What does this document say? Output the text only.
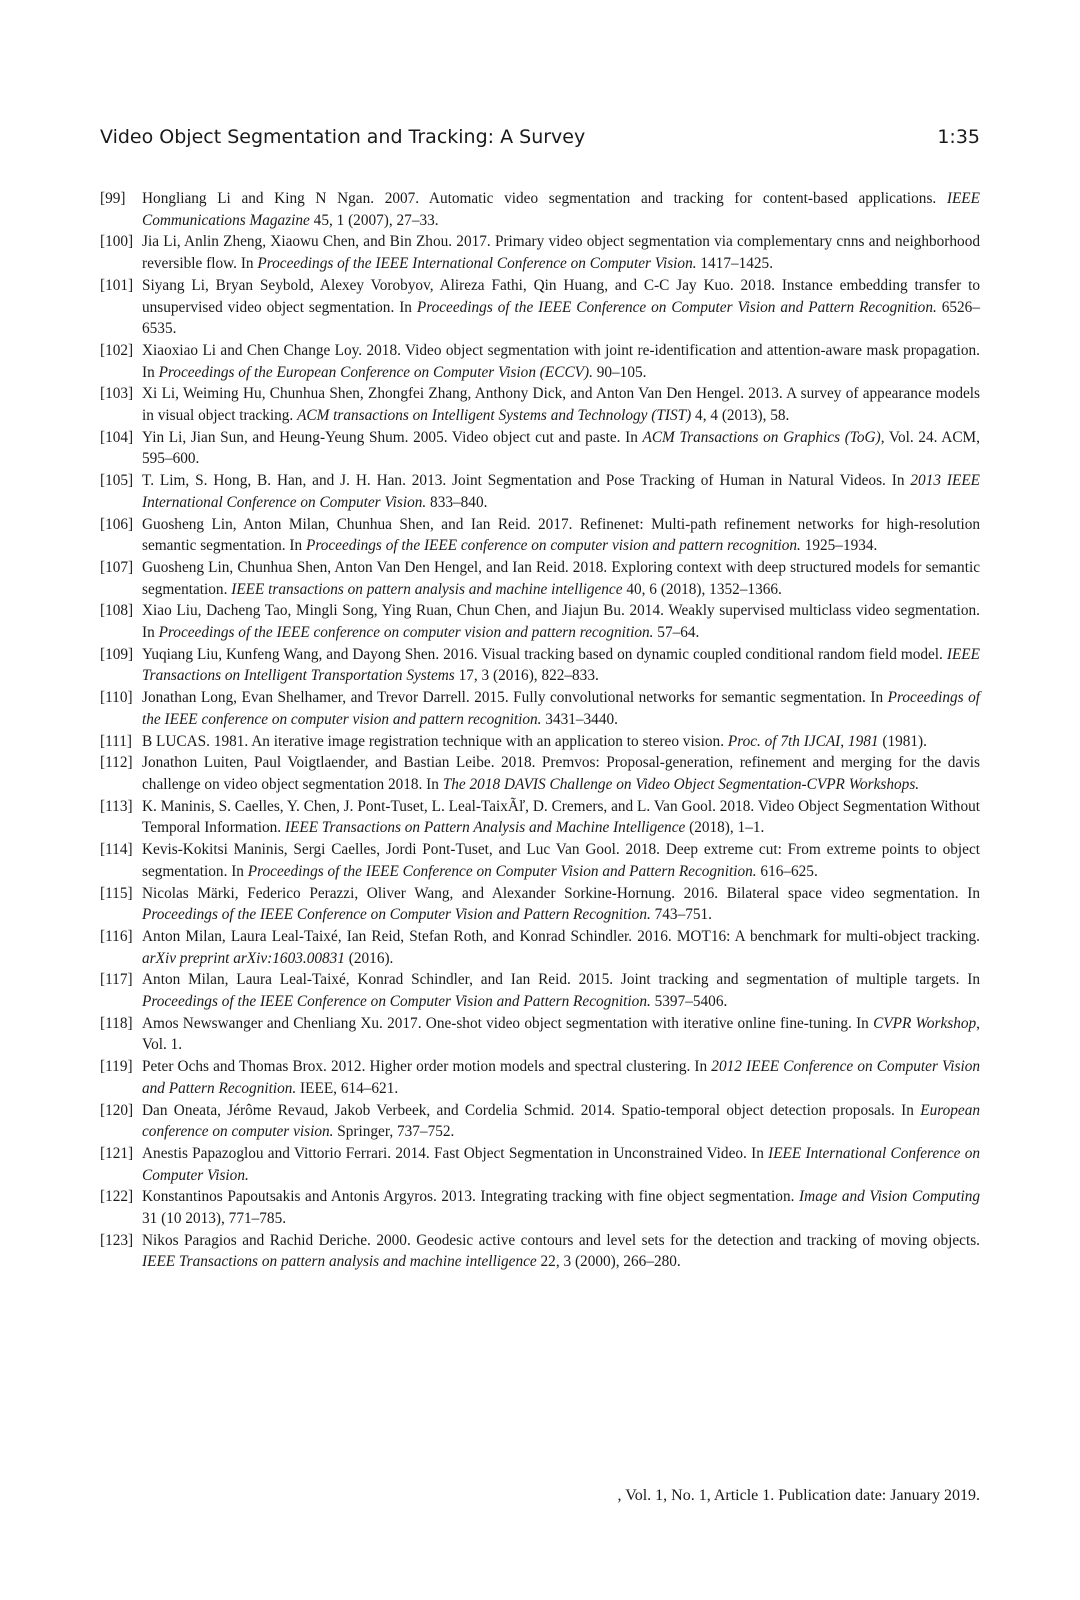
Video Object Segmentation and Tracking: A Survey	1:35
[99] Hongliang Li and King N Ngan. 2007. Automatic video segmentation and tracking for content-based applications. IEEE Communications Magazine 45, 1 (2007), 27–33.
[100] Jia Li, Anlin Zheng, Xiaowu Chen, and Bin Zhou. 2017. Primary video object segmentation via complementary cnns and neighborhood reversible flow. In Proceedings of the IEEE International Conference on Computer Vision. 1417–1425.
[101] Siyang Li, Bryan Seybold, Alexey Vorobyov, Alireza Fathi, Qin Huang, and C-C Jay Kuo. 2018. Instance embedding transfer to unsupervised video object segmentation. In Proceedings of the IEEE Conference on Computer Vision and Pattern Recognition. 6526–6535.
[102] Xiaoxiao Li and Chen Change Loy. 2018. Video object segmentation with joint re-identification and attention-aware mask propagation. In Proceedings of the European Conference on Computer Vision (ECCV). 90–105.
[103] Xi Li, Weiming Hu, Chunhua Shen, Zhongfei Zhang, Anthony Dick, and Anton Van Den Hengel. 2013. A survey of appearance models in visual object tracking. ACM transactions on Intelligent Systems and Technology (TIST) 4, 4 (2013), 58.
[104] Yin Li, Jian Sun, and Heung-Yeung Shum. 2005. Video object cut and paste. In ACM Transactions on Graphics (ToG), Vol. 24. ACM, 595–600.
[105] T. Lim, S. Hong, B. Han, and J. H. Han. 2013. Joint Segmentation and Pose Tracking of Human in Natural Videos. In 2013 IEEE International Conference on Computer Vision. 833–840.
[106] Guosheng Lin, Anton Milan, Chunhua Shen, and Ian Reid. 2017. Refinenet: Multi-path refinement networks for high-resolution semantic segmentation. In Proceedings of the IEEE conference on computer vision and pattern recognition. 1925–1934.
[107] Guosheng Lin, Chunhua Shen, Anton Van Den Hengel, and Ian Reid. 2018. Exploring context with deep structured models for semantic segmentation. IEEE transactions on pattern analysis and machine intelligence 40, 6 (2018), 1352–1366.
[108] Xiao Liu, Dacheng Tao, Mingli Song, Ying Ruan, Chun Chen, and Jiajun Bu. 2014. Weakly supervised multiclass video segmentation. In Proceedings of the IEEE conference on computer vision and pattern recognition. 57–64.
[109] Yuqiang Liu, Kunfeng Wang, and Dayong Shen. 2016. Visual tracking based on dynamic coupled conditional random field model. IEEE Transactions on Intelligent Transportation Systems 17, 3 (2016), 822–833.
[110] Jonathan Long, Evan Shelhamer, and Trevor Darrell. 2015. Fully convolutional networks for semantic segmentation. In Proceedings of the IEEE conference on computer vision and pattern recognition. 3431–3440.
[111] B LUCAS. 1981. An iterative image registration technique with an application to stereo vision. Proc. of 7th IJCAI, 1981 (1981).
[112] Jonathon Luiten, Paul Voigtlaender, and Bastian Leibe. 2018. Premvos: Proposal-generation, refinement and merging for the davis challenge on video object segmentation 2018. In The 2018 DAVIS Challenge on Video Object Segmentation-CVPR Workshops.
[113] K. Maninis, S. Caelles, Y. Chen, J. Pont-Tuset, L. Leal-TaixÃľ, D. Cremers, and L. Van Gool. 2018. Video Object Segmentation Without Temporal Information. IEEE Transactions on Pattern Analysis and Machine Intelligence (2018), 1–1.
[114] Kevis-Kokitsi Maninis, Sergi Caelles, Jordi Pont-Tuset, and Luc Van Gool. 2018. Deep extreme cut: From extreme points to object segmentation. In Proceedings of the IEEE Conference on Computer Vision and Pattern Recognition. 616–625.
[115] Nicolas Märki, Federico Perazzi, Oliver Wang, and Alexander Sorkine-Hornung. 2016. Bilateral space video segmentation. In Proceedings of the IEEE Conference on Computer Vision and Pattern Recognition. 743–751.
[116] Anton Milan, Laura Leal-Taixé, Ian Reid, Stefan Roth, and Konrad Schindler. 2016. MOT16: A benchmark for multi-object tracking. arXiv preprint arXiv:1603.00831 (2016).
[117] Anton Milan, Laura Leal-Taixé, Konrad Schindler, and Ian Reid. 2015. Joint tracking and segmentation of multiple targets. In Proceedings of the IEEE Conference on Computer Vision and Pattern Recognition. 5397–5406.
[118] Amos Newswanger and Chenliang Xu. 2017. One-shot video object segmentation with iterative online fine-tuning. In CVPR Workshop, Vol. 1.
[119] Peter Ochs and Thomas Brox. 2012. Higher order motion models and spectral clustering. In 2012 IEEE Conference on Computer Vision and Pattern Recognition. IEEE, 614–621.
[120] Dan Oneata, Jérôme Revaud, Jakob Verbeek, and Cordelia Schmid. 2014. Spatio-temporal object detection proposals. In European conference on computer vision. Springer, 737–752.
[121] Anestis Papazoglou and Vittorio Ferrari. 2014. Fast Object Segmentation in Unconstrained Video. In IEEE International Conference on Computer Vision.
[122] Konstantinos Papoutsakis and Antonis Argyros. 2013. Integrating tracking with fine object segmentation. Image and Vision Computing 31 (10 2013), 771–785.
[123] Nikos Paragios and Rachid Deriche. 2000. Geodesic active contours and level sets for the detection and tracking of moving objects. IEEE Transactions on pattern analysis and machine intelligence 22, 3 (2000), 266–280.
, Vol. 1, No. 1, Article 1. Publication date: January 2019.
